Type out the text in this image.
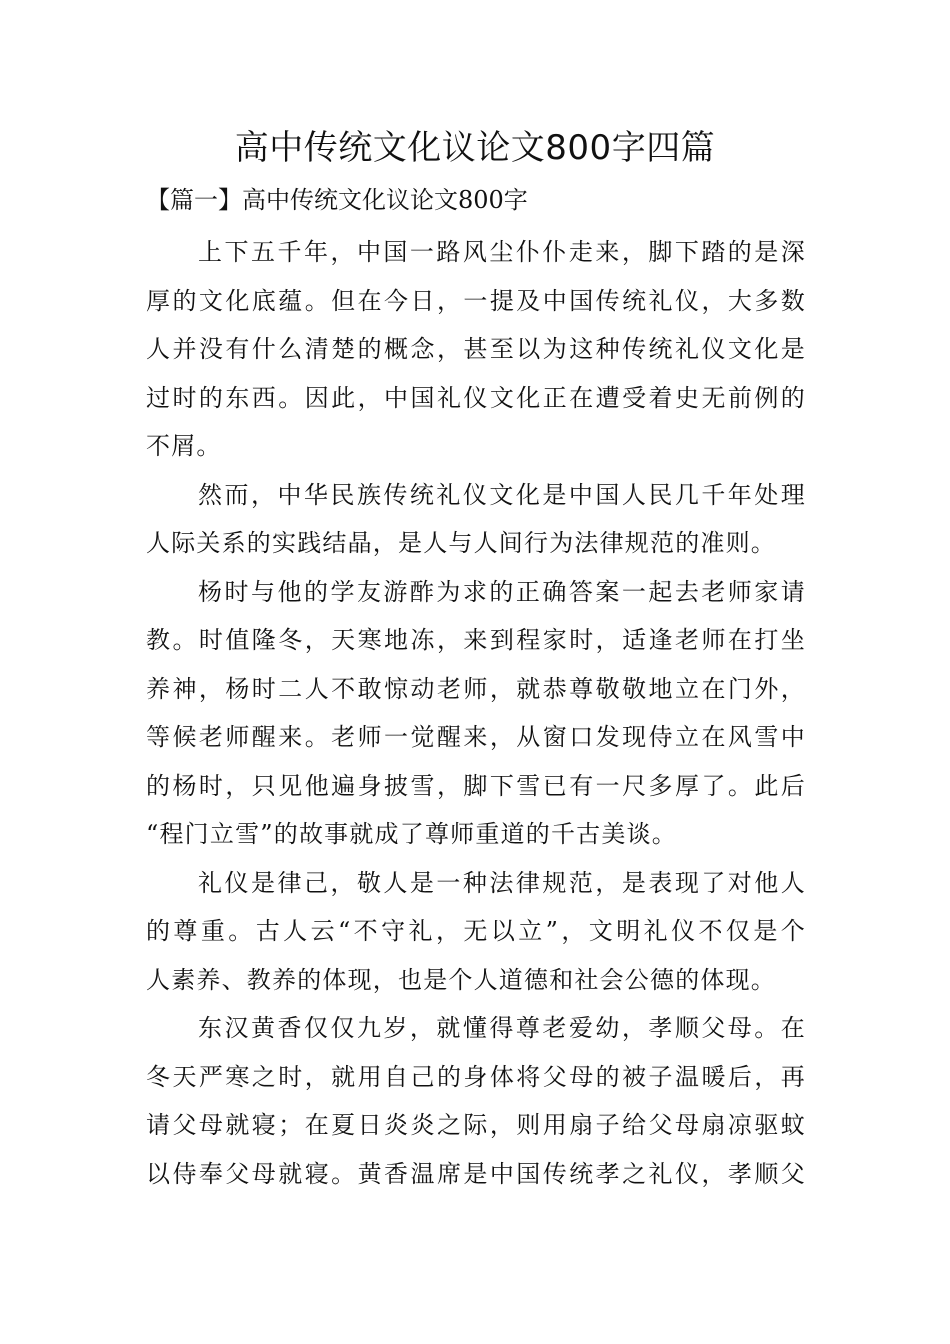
高中传统文化议论文800字四篇
【篇一】高中传统文化议论文800字

上下五千年，中国一路风尘仆仆走来，脚下踏的是深
厚的文化底蕴。但在今日，一提及中国传统礼仪，大多数
人并没有什么清楚的概念，甚至以为这种传统礼仪文化是
过时的东西。因此，中国礼仪文化正在遭受着史无前例的
不屑。

然而，中华民族传统礼仪文化是中国人民几千年处理
人际关系的实践结晶，是人与人间行为法律规范的准则。

杨时与他的学友游酢为求的正确答案一起去老师家请
教。时值隆冬，天寒地冻，来到程家时，适逢老师在打坐
养神，杨时二人不敢惊动老师，就恭尊敬敬地立在门外，
等候老师醒来。老师一觉醒来，从窗口发现侍立在风雪中
的杨时，只见他遍身披雪，脚下雪已有一尺多厚了。此后
“程门立雪”的故事就成了尊师重道的千古美谈。

礼仪是律己，敬人是一种法律规范，是表现了对他人
的尊重。古人云“不守礼，无以立”，文明礼仪不仅是个
人素养、教养的体现，也是个人道德和社会公德的体现。

东汉黄香仅仅九岁，就懂得尊老爱幼，孝顺父母。在
冬天严寒之时，就用自己的身体将父母的被子温暖后，再
请父母就寝；在夏日炎炎之际，则用扇子给父母扇凉驱蚊
以侍奉父母就寝。黄香温席是中国传统孝之礼仪，孝顺父
